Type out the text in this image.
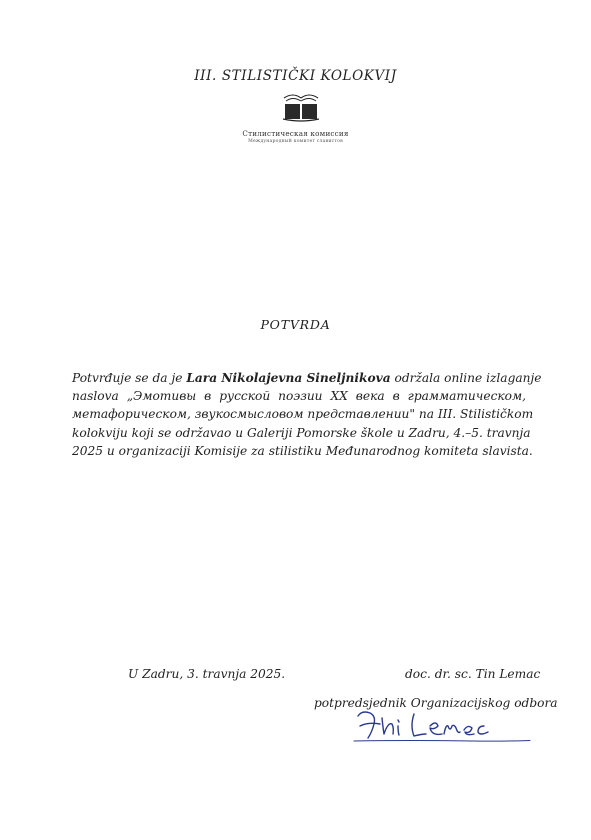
III. STILISTIČKI KOLOKVIJ
Стилистическая комиссия
Международный комитет славистов
POTVRDA
Potvrđuje se da je Lara Nikolajevna Sineljnikova održala online izlaganje
naslova „Эмотивы в русской поэзии XX века в грамматическом,
метафорическом, звукосмысловом представлении" na III. Stilističkom
kolokviju koji se održavao u Galeriji Pomorske škole u Zadru, 4.–5. travnja
2025 u organizaciji Komisije za stilistiku Međunarodnog komiteta slavista.
U Zadru, 3. travnja 2025.	doc. dr. sc. Tin Lemac
potpredsjednik Organizacijskog odbora
